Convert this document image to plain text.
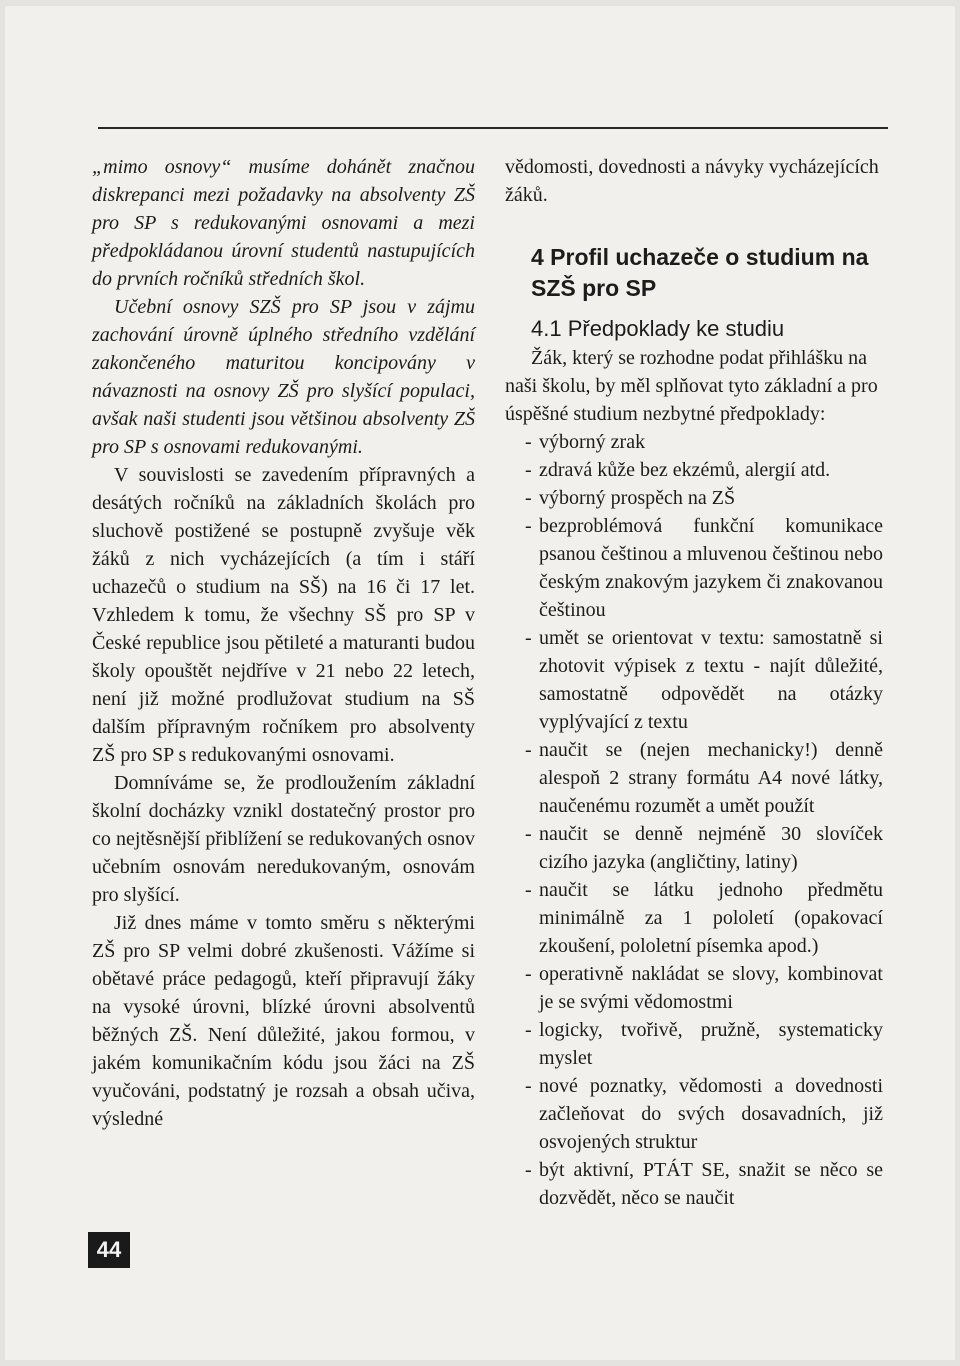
„mimo osnovy“ musíme dohánět značnou diskrepanci mezi požadavky na absolventy ZŠ pro SP s redukovanými osnovami a mezi předpokládanou úrovní studentů nastupujících do prvních ročníků středních škol.

Učební osnovy SZŠ pro SP jsou v zájmu zachování úrovně úplného středního vzdělání zakončeného maturitou koncipovány v návaznosti na osnovy ZŠ pro slyšící populaci, avšak naši studenti jsou většinou absolventy ZŠ pro SP s osnovami redukovanými.

V souvislosti se zavedením přípravných a desátých ročníků na základních školách pro sluchově postižené se postupně zvyšuje věk žáků z nich vycházejících (a tím i stáří uchazečů o studium na SŠ) na 16 či 17 let. Vzhledem k tomu, že všechny SŠ pro SP v České republice jsou pětileté a maturanti budou školy opouštět nejdříve v 21 nebo 22 letech, není již možné prodlužovat studium na SŠ dalším přípravným ročníkem pro absolventy ZŠ pro SP s redukovanými osnovami.

Domníváme se, že prodloužením základní školní docházky vznikl dostatečný prostor pro co nejtěsnější přiblížení se redukovaných osnov učebním osnovám neredukovaným, osnovám pro slyšící.

Již dnes máme v tomto směru s některými ZŠ pro SP velmi dobré zkušenosti. Vážíme si obětavé práce pedagogů, kteří připravují žáky na vysoké úrovni, blízké úrovni absolventů běžných ZŠ. Není důležité, jakou formou, v jakém komunikačním kódu jsou žáci na ZŠ vyučováni, podstatný je rozsah a obsah učiva, výsledné

vědomosti, dovednosti a návyky vycházejících žáků.

4 Profil uchazeče o studium na SZŠ pro SP
4.1 Předpoklady ke studiu

Žák, který se rozhodne podat přihlášku na naši školu, by měl splňovat tyto základní a pro úspěšné studium nezbytné předpoklady:

- výborný zrak
- zdravá kůže bez ekzémů, alergií atd.
- výborný prospěch na ZŠ
- bezproblémová funkční komunikace psanou češtinou a mluvenou češtinou nebo českým znakovým jazykem či znakovanou češtinou
- umět se orientovat v textu: samostatně si zhotovit výpisek z textu - najít důležité, samostatně odpovědět na otázky vyplývající z textu
- naučit se (nejen mechanicky!) denně alespoň 2 strany formátu A4 nové látky, naučenému rozumět a umět použít
- naučit se denně nejméně 30 slovíček cizího jazyka (angličtiny, latiny)
- naučit se látku jednoho předmětu minimálně za 1 pololetí (opakovací zkoušení, pololetní písemka apod.)
- operativně nakládat se slovy, kombinovat je se svými vědomostmi
- logicky, tvořivě, pružně, systematicky myslet
- nové poznatky, vědomosti a dovednosti začleňovat do svých dosavadních, již osvojených struktur
- být aktivní, PTÁT SE, snažit se něco se dozvědět, něco se naučit
44
